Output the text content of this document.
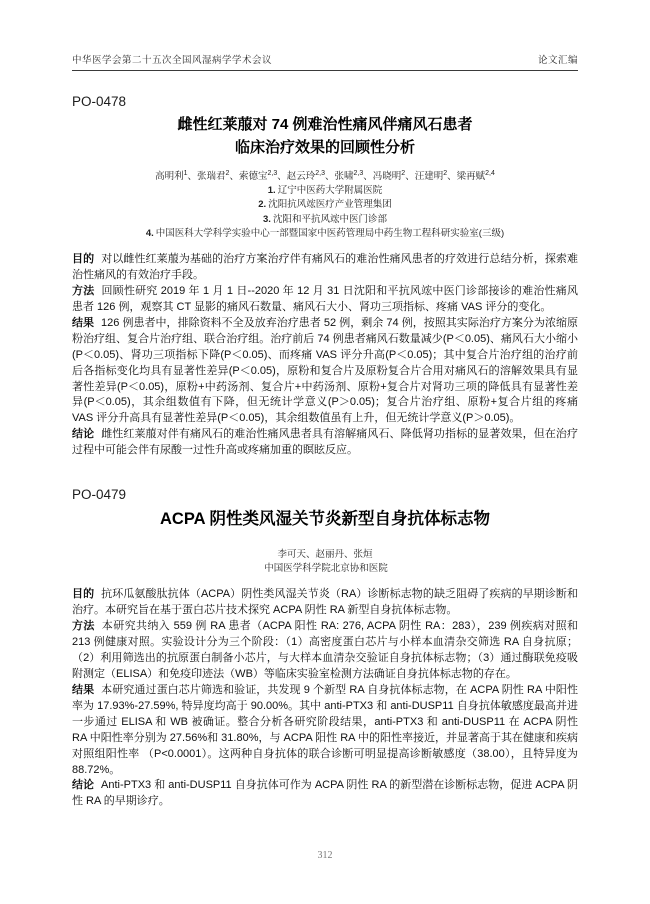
中华医学会第二十五次全国风湿病学学术会议	论文汇编
PO-0478
雌性红莱菔对 74 例难治性痛风伴痛风石患者
临床治疗效果的回顾性分析
高明利$^1$ 、 张瑞君$^2$ 、 索德宝$^{2,3}$ 、 赵云玲$^{2,3}$ 、 张啸$^{2,3}$ 、 冯晓明$^2$ 、 汪建明$^2$ 、 梁再赋$^{2,4}$
1. 辽宁中医药大学附属医院
2. 沈阳抗风竤医疗产业管理集团
3. 沈阳和平抗风竤中医门诊部
4. 中国医科大学科学实验中心一部暨国家中医药管理局中药生物工程科研实验室(三级)

目的 对以雌性红莱菔为基础的治疗方案治疗伴有痛风石的难治性痛风患者的疗效进行总结分析，探索难治性痛风的有效治疗手段。

方法 回顾性研究 2019 年 1 月 1 日--2020 年 12 月 31 日沈阳和平抗风竤中医门诊部接诊的难治性痛风患者 126 例，观察其 CT 显影的痛风石数量、痛风石大小、肾功三项指标、疼痛 VAS 评分的变化。

结果 126 例患者中，排除资料不全及放弃治疗患者 52 例，剩余 74 例，按照其实际治疗方案分为浓缩原粉治疗组、复合片治疗组、联合治疗组。治疗前后 74 例患者痛风石数量减少(P＜0.05)、痛风石大小缩小(P＜0.05)、肾功三项指标下降(P＜0.05)、而疼痛 VAS 评分升高(P＜0.05)；其中复合片治疗组的治疗前后各指标变化均具有显著性差异(P＜0.05)，原粉和复合片及原粉复合片合用对痛风石的溶解效果具有显著性差异(P＜0.05)，原粉+中药汤剂、复合片+中药汤剂、原粉+复合片对肾功三项的降低具有显著性差异(P＜0.05)，其余组数值有下降，但无统计学意义(P＞0.05)；复合片治疗组、原粉+复合片组的疼痛 VAS 评分升高具有显著性差异(P＜0.05)，其余组数值虽有上升，但无统计学意义(P＞0.05)。

结论 雌性红莱菔对伴有痛风石的难治性痛风患者具有溶解痛风石、降低肾功指标的显著效果，但在治疗过程中可能会伴有尿酸一过性升高或疼痛加重的瞑眩反应。

PO-0479
ACPA 阴性类风湿关节炎新型自身抗体标志物
李可天 、 赵丽丹 、 张烜
中国医学科学院北京协和医院

目的 抗环瓜氨酸肽抗体（ACPA）阴性类风湿关节炎（RA）诊断标志物的缺乏阻碍了疾病的早期诊断和治疗。本研究旨在基于蛋白芯片技术探究 ACPA 阴性 RA 新型自身抗体标志物。

方法 本研究共纳入 559 例 RA 患者（ACPA 阳性 RA: 276, ACPA 阴性 RA：283），239 例疾病对照和 213 例健康对照。实验设计分为三个阶段：（1）高密度蛋白芯片与小样本血清杂交筛选 RA 自身抗原；（2）利用筛选出的抗原蛋白制备小芯片，与大样本血清杂交验证自身抗体标志物；（3）通过酶联免疫吸附测定（ELISA）和免疫印迹法（WB）等临床实验室检测方法确证自身抗体标志物的存在。

结果 本研究通过蛋白芯片筛选和验证，共发现 9 个新型 RA 自身抗体标志物，在 ACPA 阴性 RA 中阳性率为 17.93%-27.59%, 特异度均高于 90.00%。其中 anti-PTX3 和 anti-DUSP11 自身抗体敏感度最高并进一步通过 ELISA 和 WB 被确证。整合分析各研究阶段结果，anti-PTX3 和 anti-DUSP11 在 ACPA 阴性 RA 中阳性率分别为 27.56%和 31.80%，与 ACPA 阳性 RA 中的阳性率接近，并显著高于其在健康和疾病对照组阳性率 （P<0.0001）。这两种自身抗体的联合诊断可明显提高诊断敏感度（38.00），且特异度为 88.72%。

结论 Anti-PTX3 和 anti-DUSP11 自身抗体可作为 ACPA 阴性 RA 的新型潜在诊断标志物，促进 ACPA 阴性 RA 的早期诊疗。

312
